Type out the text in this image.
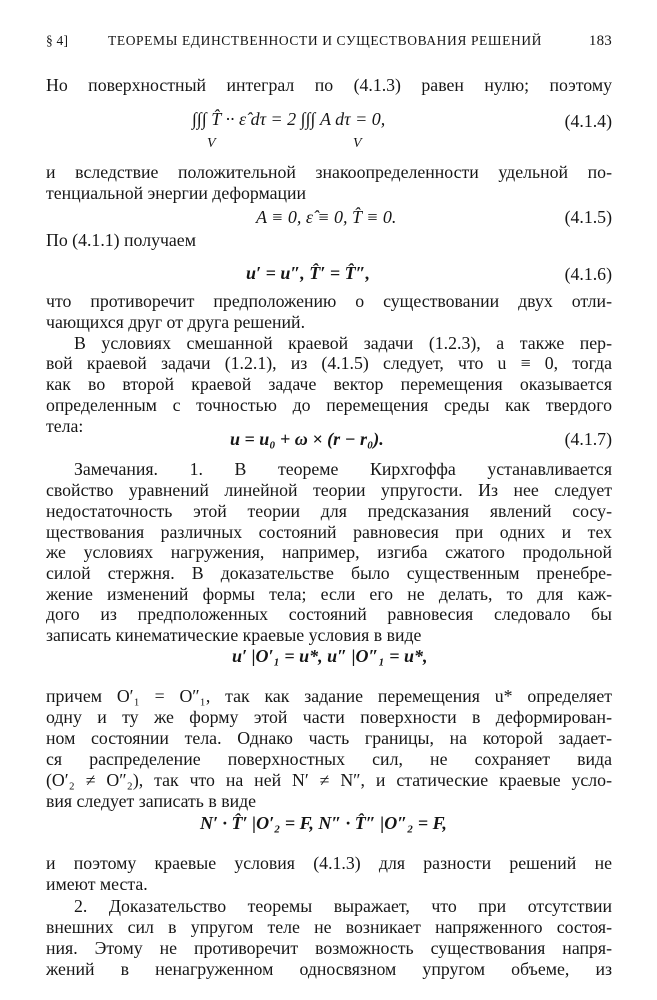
§ 4]	ТЕОРЕМЫ ЕДИНСТВЕННОСТИ И СУЩЕСТВОВАНИЯ РЕШЕНИЙ	183
Но поверхностный интеграл по (4.1.3) равен нулю; поэтому
∫∫∫ T̂ ·· ε̂ dτ = 2 ∫∫∫ A dτ = 0,
V	V
(4.1.4)
и вследствие положительной знакоопределенности удельной по-
тенциальной энергии деформации
A ≡ 0, ε̂ ≡ 0, T̂ ≡ 0.	(4.1.5)
По (4.1.1) получаем
u′ = u″, T̂′ = T̂″,	(4.1.6)
что противоречит предположению о существовании двух отли-
чающихся друг от друга решений.
В условиях смешанной краевой задачи (1.2.3), а также пер-
вой краевой задачи (1.2.1), из (4.1.5) следует, что u ≡ 0, тогда
как во второй краевой задаче вектор перемещения оказывается
определенным с точностью до перемещения среды как твердого
тела:
u = u₀ + ω × (r − r₀).	(4.1.7)
Замечания. 1. В теореме Кирхгоффа устанавливается
свойство уравнений линейной теории упругости. Из нее следует
недостаточность этой теории для предсказания явлений сосу-
ществования различных состояний равновесия при одних и тех
же условиях нагружения, например, изгиба сжатого продольной
силой стержня. В доказательстве было существенным пренебре-
жение изменений формы тела; если его не делать, то для каж-
дого из предположенных состояний равновесия следовало бы
записать кинематические краевые условия в виде
u′ |O′₁ = u*, u″ |O″₁ = u*,
причем O′₁ = O″₁, так как задание перемещения u* определяет
одну и ту же форму этой части поверхности в деформирован-
ном состоянии тела. Однако часть границы, на которой задает-
ся распределение поверхностных сил, не сохраняет вида
(O′₂ ≠ O″₂), так что на ней N′ ≠ N″, и статические краевые усло-
вия следует записать в виде
N′ · T̂′ |O′₂ = F, N″ · T̂″ |O″₂ = F,
и поэтому краевые условия (4.1.3) для разности решений не
имеют места.
2. Доказательство теоремы выражает, что при отсутствии
внешних сил в упругом теле не возникает напряженного состоя-
ния. Этому не противоречит возможность существования напря-
жений в ненагруженном односвязном упругом объеме, из
